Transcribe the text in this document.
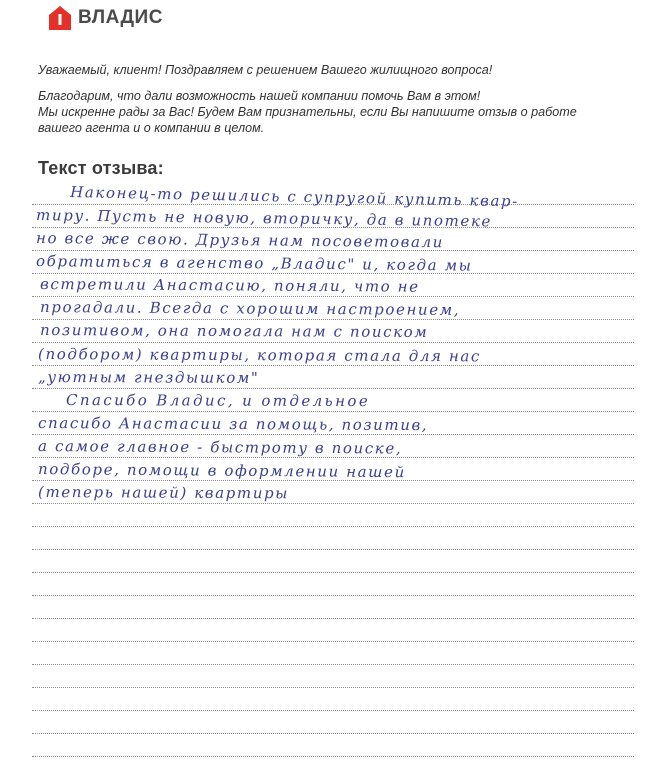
ВЛАДИС

Уважаемый, клиент! Поздравляем с решением Вашего жилищного вопроса!

Благодарим, что дали возможность нашей компании помочь Вам в этом!

Мы искренне рады за Вас! Будем Вам признательны, если Вы напишите отзыв о работе вашего агента и о компании в целом.

Текст отзыва:
Наконец-то решились с супругой купить квар-
тиру. Пусть не новую, вторичку, да в ипотеке
но все же свою. Друзья нам посоветовали
обратиться в агенство „Владис" и, когда мы
встретили Анастасию, поняли, что не
прогадали. Всегда с хорошим настроением,
позитивом, она помогала нам с поиском
(подбором) квартиры, которая стала для нас
„уютным гнездышком"
Спасибо Владис, и отдельное
спасибо Анастасии за помощь, позитив,
а самое главное - быстроту в поиске,
подборе, помощи в оформлении нашей
(теперь нашей) квартиры
